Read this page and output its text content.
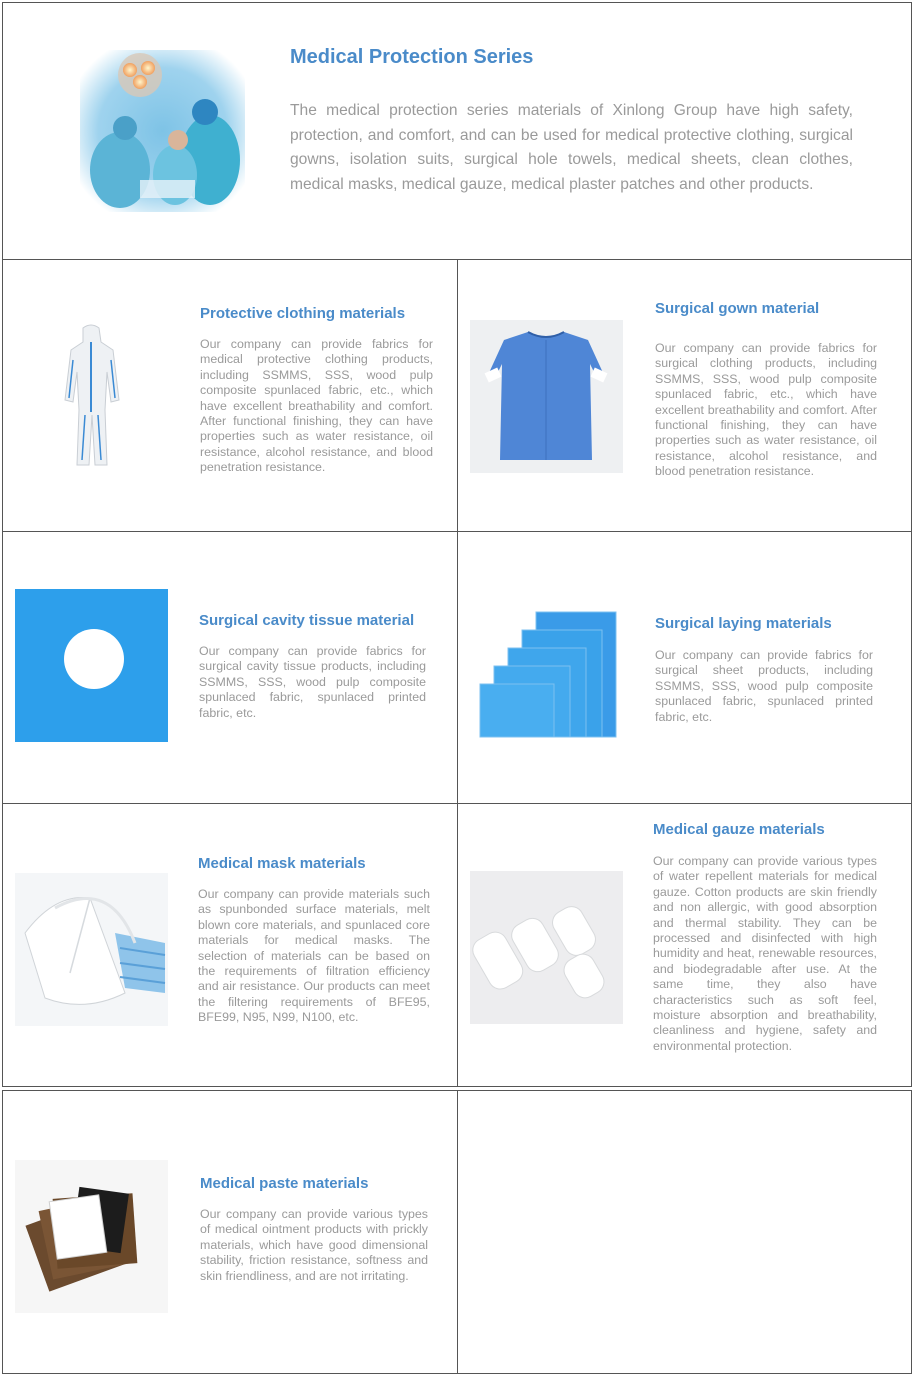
Medical Protection Series
The medical protection series materials of Xinlong Group have high safety, protection, and comfort, and can be used for medical protective clothing, surgical gowns, isolation suits, surgical hole towels, medical sheets, clean clothes, medical masks, medical gauze, medical plaster patches and other products.
Protective clothing materials
Our company can provide fabrics for medical protective clothing products, including SSMMS, SSS, wood pulp composite spunlaced fabric, etc., which have excellent breathability and comfort. After functional finishing, they can have properties such as water resistance, oil resistance, alcohol resistance, and blood penetration resistance.
Surgical gown material
Our company can provide fabrics for surgical clothing products, including SSMMS, SSS, wood pulp composite spunlaced fabric, etc., which have excellent breathability and comfort. After functional finishing, they can have properties such as water resistance, oil resistance, alcohol resistance, and blood penetration resistance.
Surgical cavity tissue material
Our company can provide fabrics for surgical cavity tissue products, including SSMMS, SSS, wood pulp composite spunlaced fabric, spunlaced printed fabric, etc.
Surgical laying materials
Our company can provide fabrics for surgical sheet products, including SSMMS, SSS, wood pulp composite spunlaced fabric, spunlaced printed fabric, etc.
Medical mask materials
Our company can provide materials such as spunbonded surface materials, melt blown core materials, and spunlaced core materials for medical masks. The selection of materials can be based on the requirements of filtration efficiency and air resistance. Our products can meet the filtering requirements of BFE95, BFE99, N95, N99, N100, etc.
Medical gauze materials
Our company can provide various types of water repellent materials for medical gauze. Cotton products are skin friendly and non allergic, with good absorption and thermal stability. They can be processed and disinfected with high humidity and heat, renewable resources, and biodegradable after use. At the same time, they also have characteristics such as soft feel, moisture absorption and breathability, cleanliness and hygiene, safety and environmental protection.
Medical paste materials
Our company can provide various types of medical ointment products with prickly materials, which have good dimensional stability, friction resistance, softness and skin friendliness, and are not irritating.
